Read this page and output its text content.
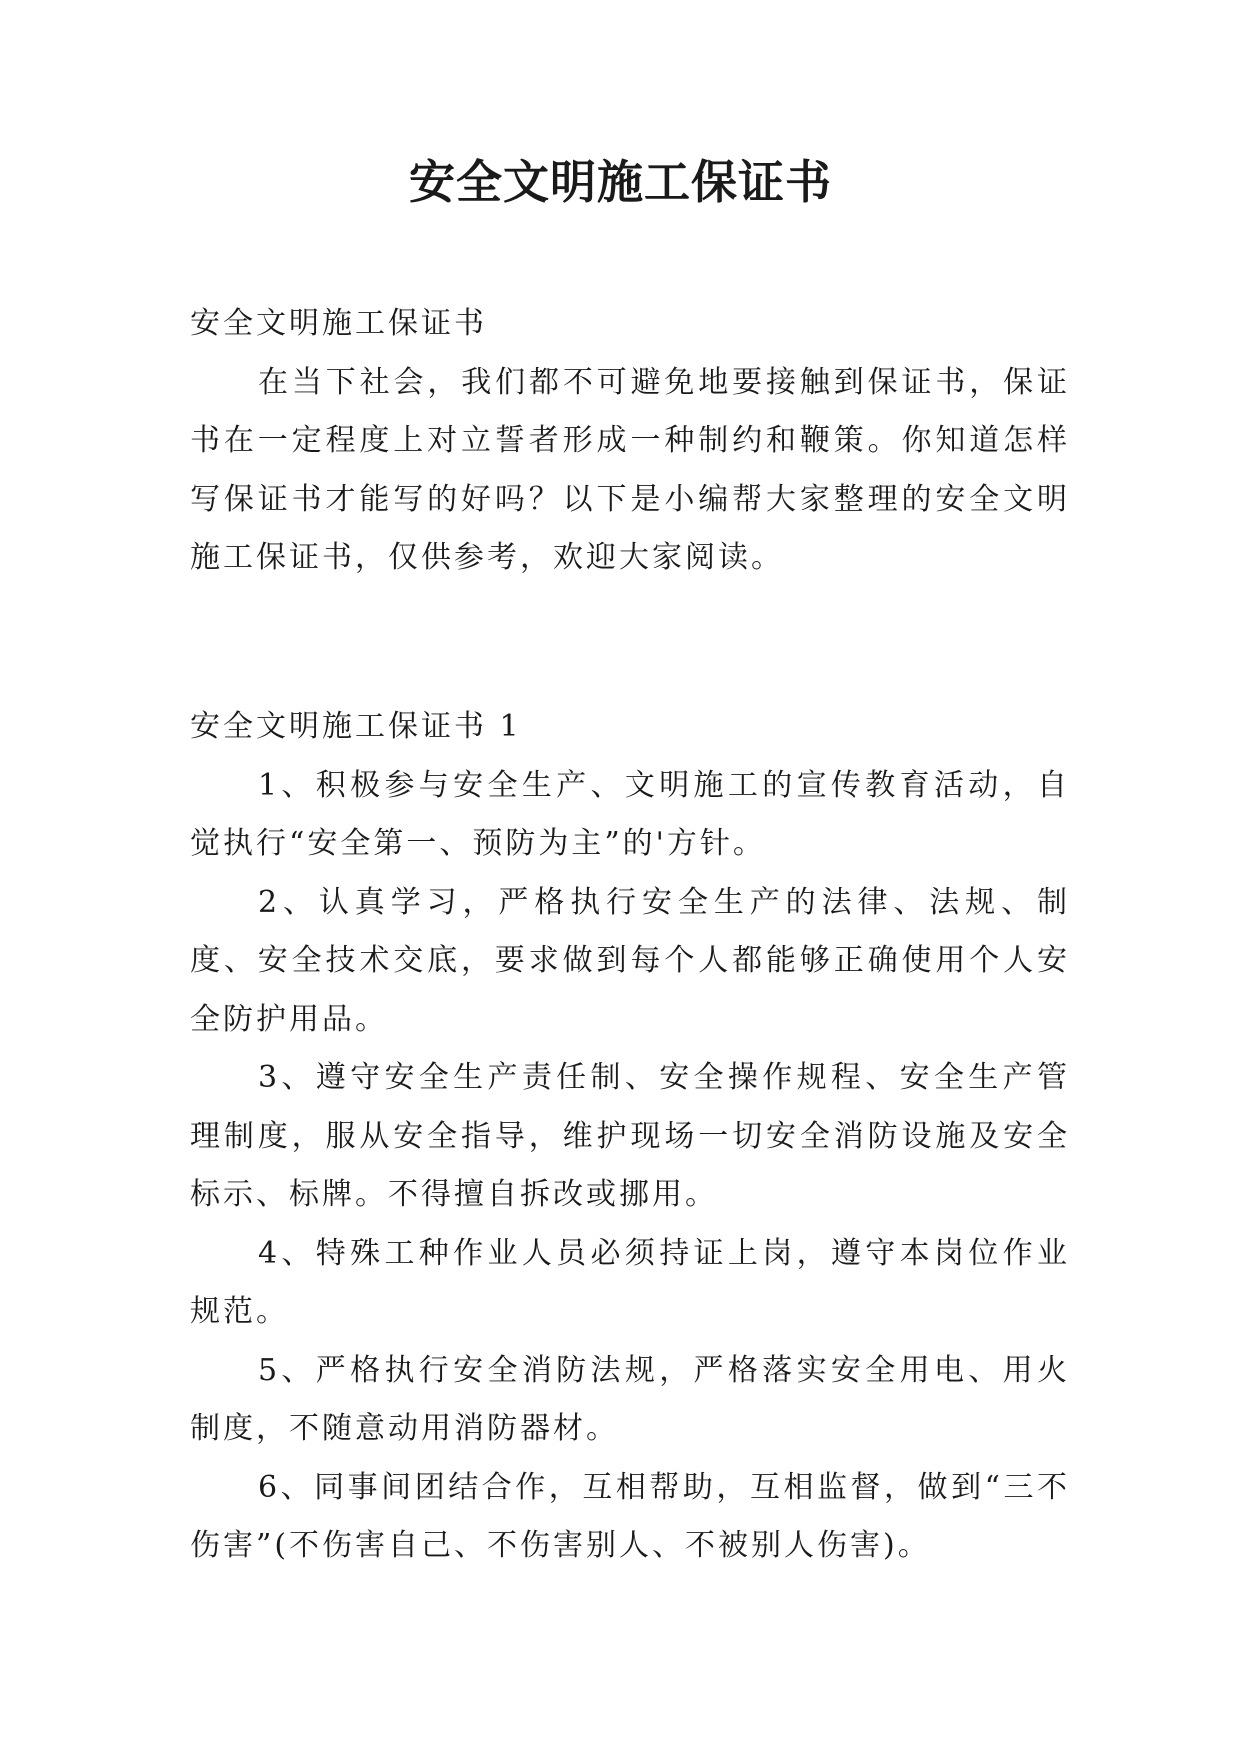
安全文明施工保证书

安全文明施工保证书

在当下社会，我们都不可避免地要接触到保证书，保证书在一定程度上对立誓者形成一种制约和鞭策。你知道怎样写保证书才能写的好吗？以下是小编帮大家整理的安全文明施工保证书，仅供参考，欢迎大家阅读。

安全文明施工保证书 1

1、积极参与安全生产、文明施工的宣传教育活动，自觉执行“安全第一、预防为主”的'方针。

2、认真学习，严格执行安全生产的法律、法规、制度、安全技术交底，要求做到每个人都能够正确使用个人安全防护用品。

3、遵守安全生产责任制、安全操作规程、安全生产管理制度，服从安全指导，维护现场一切安全消防设施及安全标示、标牌。不得擅自拆改或挪用。

4、特殊工种作业人员必须持证上岗，遵守本岗位作业规范。

5、严格执行安全消防法规，严格落实安全用电、用火制度，不随意动用消防器材。

6、同事间团结合作，互相帮助，互相监督，做到“三不伤害”(不伤害自己、不伤害别人、不被别人伤害)。
